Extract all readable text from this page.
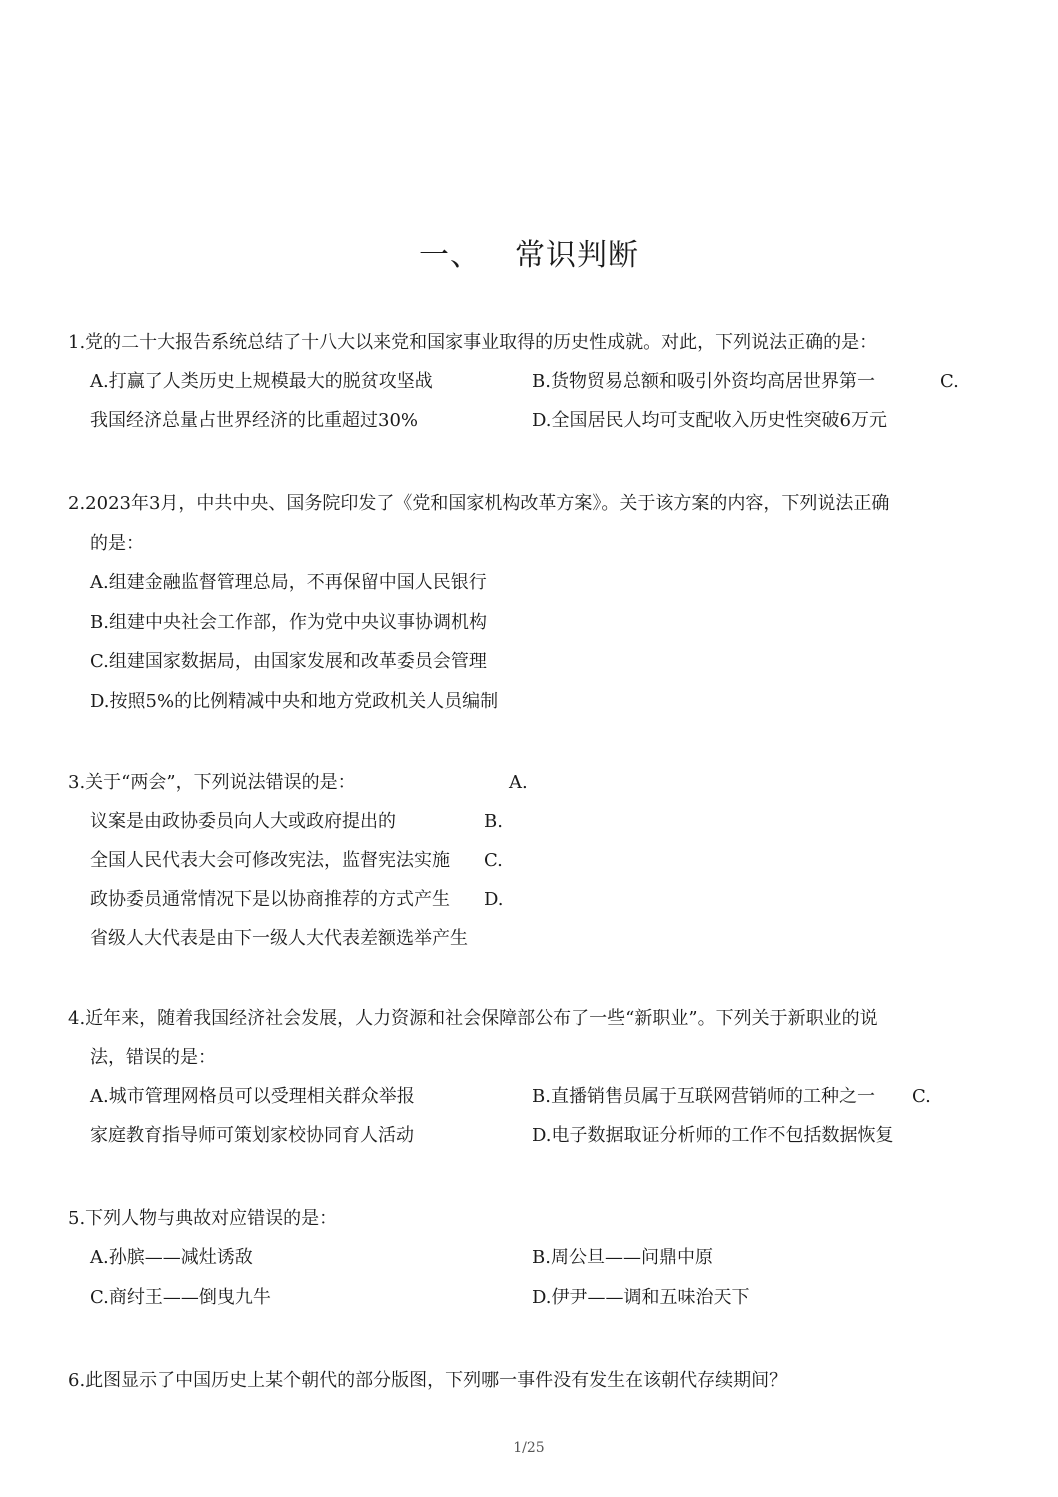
一、 常识判断
1.党的二十大报告系统总结了十八大以来党和国家事业取得的历史性成就。对此，下列说法正确的是：
A.打赢了人类历史上规模最大的脱贫攻坚战	B.货物贸易总额和吸引外资均高居世界第一	C.
我国经济总量占世界经济的比重超过30%	D.全国居民人均可支配收入历史性突破6万元
2.2023年3月，中共中央、国务院印发了《党和国家机构改革方案》。关于该方案的内容，下列说法正确
的是：
A.组建金融监督管理总局，不再保留中国人民银行
B.组建中央社会工作部，作为党中央议事协调机构
C.组建国家数据局，由国家发展和改革委员会管理
D.按照5%的比例精减中央和地方党政机关人员编制
3.关于“两会”，下列说法错误的是：	A.
议案是由政协委员向人大或政府提出的	B.
全国人民代表大会可修改宪法，监督宪法实施 C.
政协委员通常情况下是以协商推荐的方式产生 D.
省级人大代表是由下一级人大代表差额选举产生
4.近年来，随着我国经济社会发展，人力资源和社会保障部公布了一些“新职业”。下列关于新职业的说
法，错误的是：
A.城市管理网格员可以受理相关群众举报	B.直播销售员属于互联网营销师的工种之一 C.
家庭教育指导师可策划家校协同育人活动	D.电子数据取证分析师的工作不包括数据恢复
5.下列人物与典故对应错误的是：
A.孙膑——减灶诱敌	B.周公旦——问鼎中原
C.商纣王——倒曳九牛	D.伊尹——调和五味治天下
6.此图显示了中国历史上某个朝代的部分版图，下列哪一事件没有发生在该朝代存续期间？
1/25
